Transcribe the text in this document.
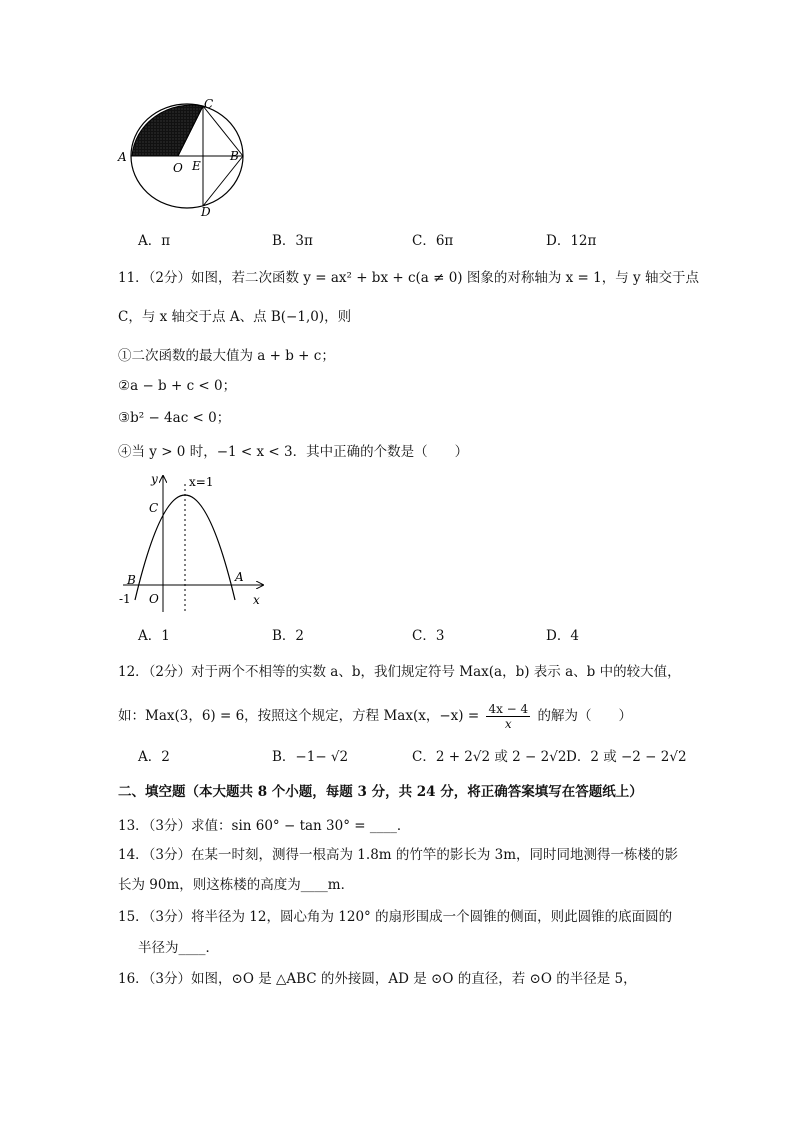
C
A	B
O E
D
A．π	B．3π	C．6π	D．12π
11．（2分）如图，若二次函数 y = ax² + bx + c(a ≠ 0) 图象的对称轴为 x = 1，与 y 轴交于点
C，与 x 轴交于点 A、点 B(−1,0)，则
①二次函数的最大值为 a + b + c；
②a − b + c < 0；
③b² − 4ac < 0；
④当 y > 0 时，−1 < x < 3．其中正确的个数是（　　）
y	x=1
C
B	A
-1 O	x
A．1	B．2	C．3	D．4
12．（2分）对于两个不相等的实数 a、b，我们规定符号 Max(a，b) 表示 a、b 中的较大值，
如：Max(3，6) = 6，按照这个规定，方程 Max(x，$-x) = \frac{4x - 4}{x}$ 的解为（　　）
A．2	B．−1− √2	C．2 + 2√2 或 2 − 2√2 D．2 或 −2 − 2√2
二、填空题（本大题共 8 个小题，每题 3 分，共 24 分，将正确答案填写在答题纸上）
13．（3分）求值：sin 60° − tan 30° = ____．
14．（3分）在某一时刻，测得一根高为 1.8m 的竹竿的影长为 3m，同时同地测得一栋楼的影
长为 90m，则这栋楼的高度为____m．
15．（3分）将半径为 12，圆心角为 120° 的扇形围成一个圆锥的侧面，则此圆锥的底面圆的
半径为____．
16．（3分）如图，⊙O 是 △ABC 的外接圆，AD 是 ⊙O 的直径，若 ⊙O 的半径是 5，
